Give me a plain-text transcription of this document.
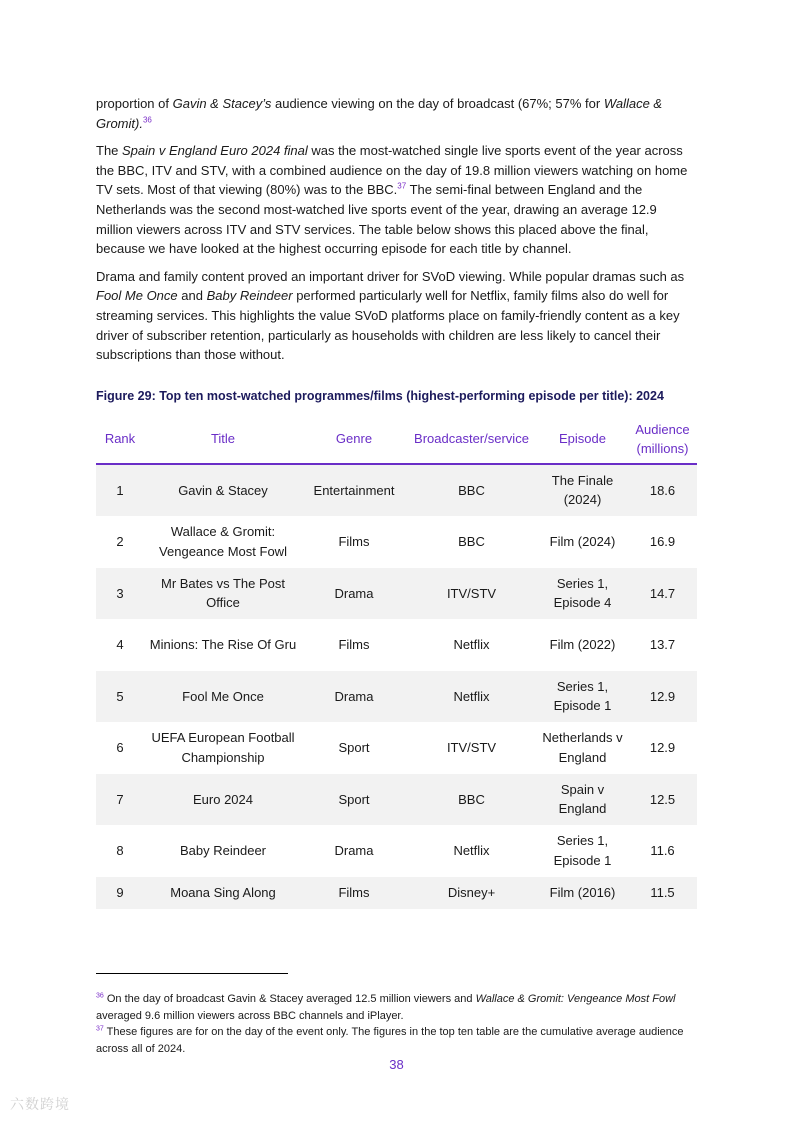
proportion of Gavin & Stacey’s audience viewing on the day of broadcast (67%; 57% for Wallace & Gromit).$^{36}$

The Spain v England Euro 2024 final was the most-watched single live sports event of the year across the BBC, ITV and STV, with a combined audience on the day of 19.8 million viewers watching on home TV sets. Most of that viewing (80%) was to the BBC.$^{37}$ The semi-final between England and the Netherlands was the second most-watched live sports event of the year, drawing an average 12.9 million viewers across ITV and STV services. The table below shows this placed above the final, because we have looked at the highest occurring episode for each title by channel.

Drama and family content proved an important driver for SVoD viewing. While popular dramas such as Fool Me Once and Baby Reindeer performed particularly well for Netflix, family films also do well for streaming services. This highlights the value SVoD platforms place on family-friendly content as a key driver of subscriber retention, particularly as households with children are less likely to cancel their subscriptions than those without.

Figure 29: Top ten most-watched programmes/films (highest-performing episode per title): 2024
Rank	Title	Genre	Broadcaster/service	Episode	Audience (millions)
1	Gavin & Stacey	Entertainment	BBC	The Finale (2024)	18.6
2	Wallace & Gromit: Vengeance Most Fowl	Films	BBC	Film (2024)	16.9
3	Mr Bates vs The Post Office	Drama	ITV/STV	Series 1, Episode 4	14.7
4	Minions: The Rise Of Gru	Films	Netflix	Film (2022)	13.7
5	Fool Me Once	Drama	Netflix	Series 1, Episode 1	12.9
6	UEFA European Football Championship	Sport	ITV/STV	Netherlands v England	12.9
7	Euro 2024	Sport	BBC	Spain v England	12.5
8	Baby Reindeer	Drama	Netflix	Series 1, Episode 1	11.6
9	Moana Sing Along	Films	Disney+	Film (2016)	11.5

$^{36}$ On the day of broadcast Gavin & Stacey averaged 12.5 million viewers and Wallace & Gromit: Vengeance Most Fowl averaged 9.6 million viewers across BBC channels and iPlayer.

$^{37}$ These figures are for on the day of the event only. The figures in the top ten table are the cumulative average audience across all of 2024.

38
六数跨境
